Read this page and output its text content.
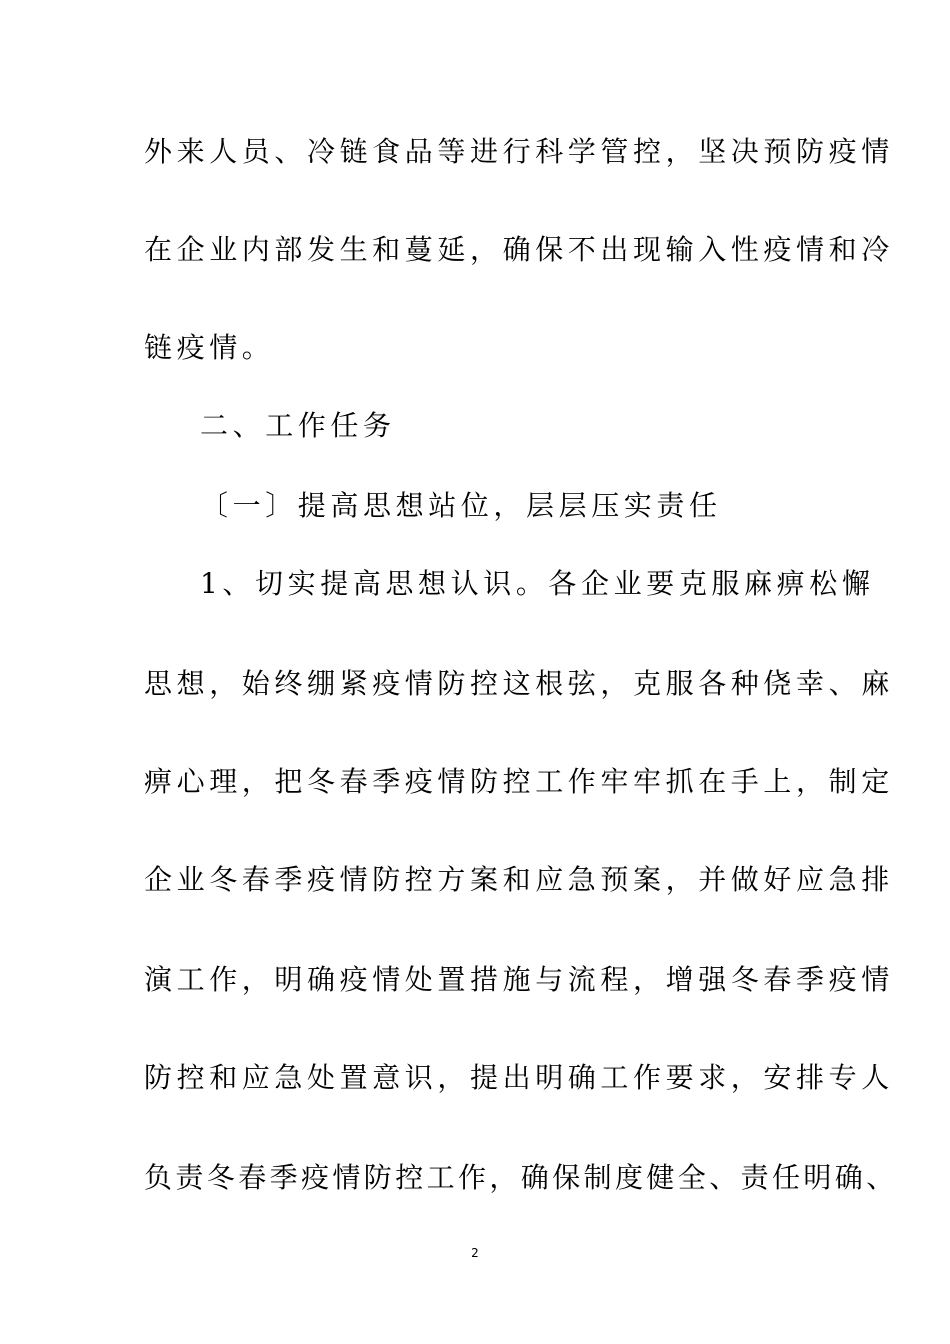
外来人员、冷链食品等进行科学管控，坚决预防疫情
在企业内部发生和蔓延，确保不出现输入性疫情和冷
链疫情。
二、工作任务
〔一〕提高思想站位，层层压实责任
1、切实提高思想认识。各企业要克服麻痹松懈
思想，始终绷紧疫情防控这根弦，克服各种侥幸、麻
痹心理，把冬春季疫情防控工作牢牢抓在手上，制定
企业冬春季疫情防控方案和应急预案，并做好应急排
演工作，明确疫情处置措施与流程，增强冬春季疫情
防控和应急处置意识，提出明确工作要求，安排专人
负责冬春季疫情防控工作，确保制度健全、责任明确、
2
